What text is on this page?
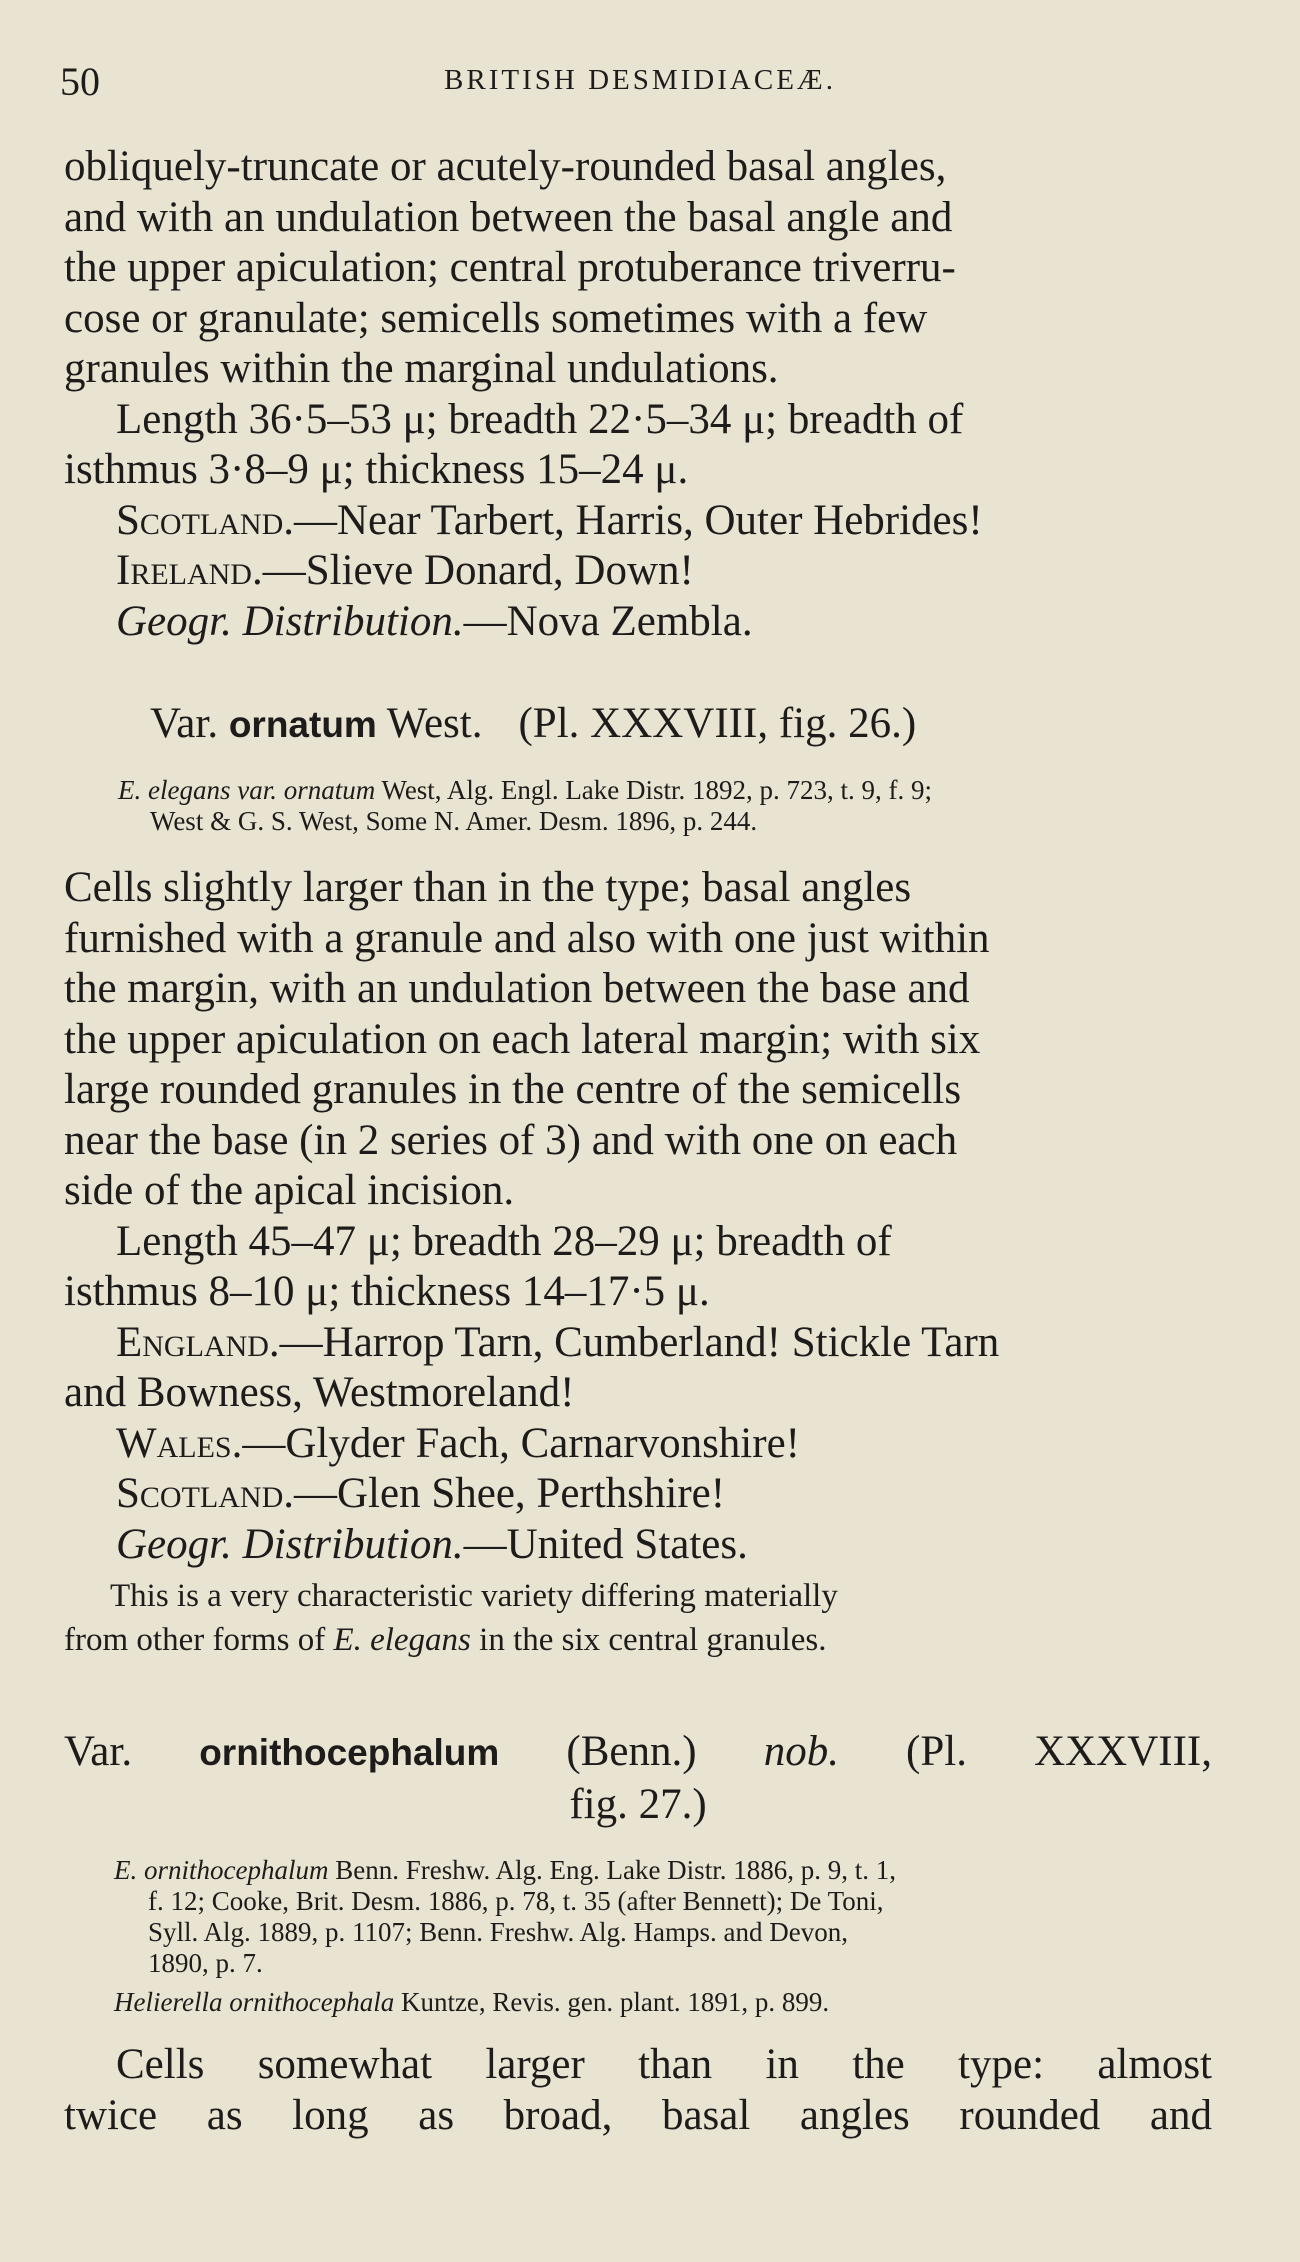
50	BRITISH DESMIDIACEÆ.

obliquely-truncate or acutely-rounded basal angles,

and with an undulation between the basal angle and

the upper apiculation; central protuberance triverru-

cose or granulate; semicells sometimes with a few

granules within the marginal undulations.

Length 36·5–53 μ; breadth 22·5–34 μ; breadth of

isthmus 3·8–9 μ; thickness 15–24 μ.

Scotland.—Near Tarbert, Harris, Outer Hebrides!

Ireland.—Slieve Donard, Down!

Geogr. Distribution.—Nova Zembla.

Var. ornatum West. (Pl. XXXVIII, fig. 26.)

E. elegans var. ornatum West, Alg. Engl. Lake Distr. 1892, p. 723, t. 9, f. 9;

West & G. S. West, Some N. Amer. Desm. 1896, p. 244.

Cells slightly larger than in the type; basal angles

furnished with a granule and also with one just within

the margin, with an undulation between the base and

the upper apiculation on each lateral margin; with six

large rounded granules in the centre of the semicells

near the base (in 2 series of 3) and with one on each

side of the apical incision.

Length 45–47 μ; breadth 28–29 μ; breadth of

isthmus 8–10 μ; thickness 14–17·5 μ.

England.—Harrop Tarn, Cumberland! Stickle Tarn

and Bowness, Westmoreland!

Wales.—Glyder Fach, Carnarvonshire!

Scotland.—Glen Shee, Perthshire!

Geogr. Distribution.—United States.

This is a very characteristic variety differing materially

from other forms of E. elegans in the six central granules.

Var. ornithocephalum (Benn.) nob. (Pl. XXXVIII,

fig. 27.)

E. ornithocephalum Benn. Freshw. Alg. Eng. Lake Distr. 1886, p. 9, t. 1,

f. 12; Cooke, Brit. Desm. 1886, p. 78, t. 35 (after Bennett); De Toni,

Syll. Alg. 1889, p. 1107; Benn. Freshw. Alg. Hamps. and Devon,

1890, p. 7.

Helierella ornithocephala Kuntze, Revis. gen. plant. 1891, p. 899.

Cells somewhat larger than in the type: almost

twice as long as broad, basal angles rounded and
